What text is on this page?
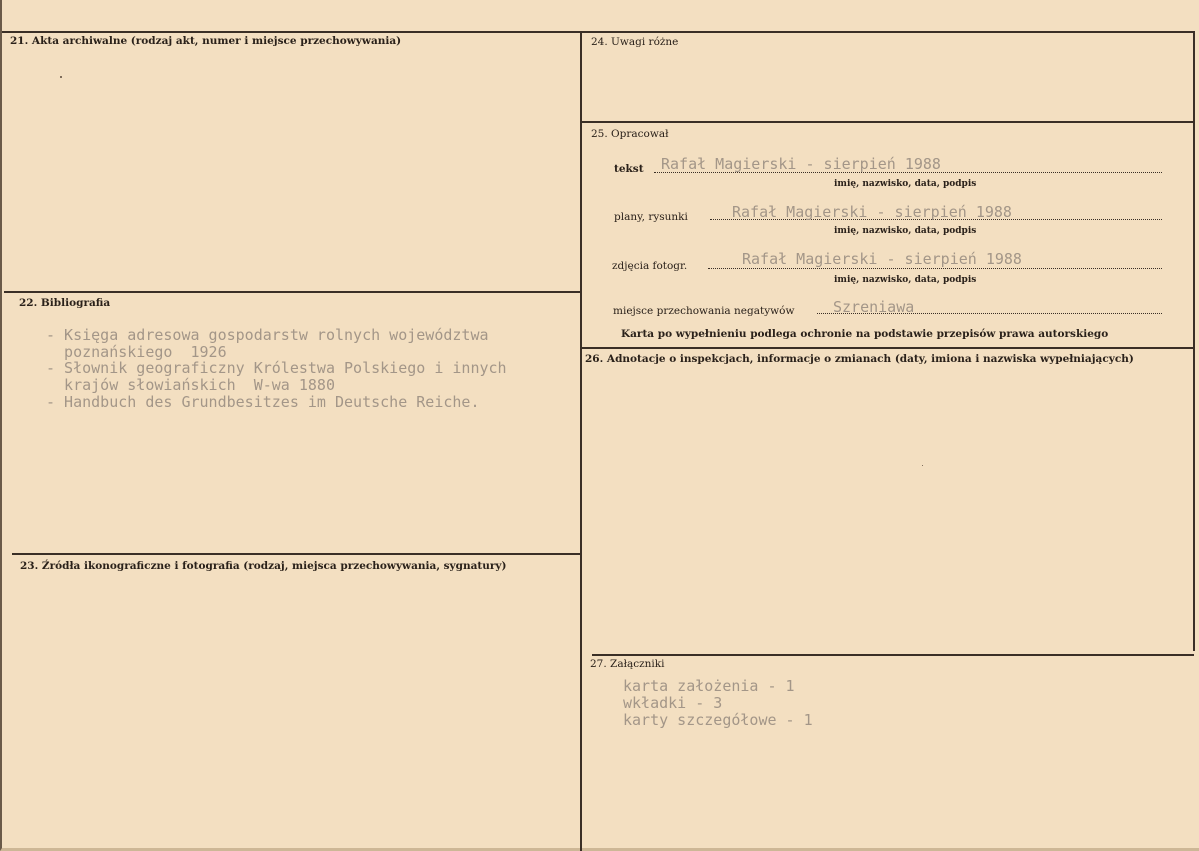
21. Akta archiwalne (rodzaj akt, numer i miejsce przechowywania)
22. Bibliografia
- Księga adresowa gospodarstw rolnych województwa
poznańskiego  1926
- Słownik geograficzny Królestwa Polskiego i innych
krajów słowiańskich  W-wa 1880
- Handbuch des Grundbesitzes im Deutsche Reiche.
23. Źródła ikonograficzne i fotografia (rodzaj, miejsca przechowywania, sygnatury)
24. Uwagi różne
25. Opracował
tekst Rafał Magierski - sierpień 1988
imię, nazwisko, data, podpis
plany, rysunki	Rafał Magierski - sierpień 1988
imię, nazwisko, data, podpis
zdjęcia fotogr.	Rafał Magierski - sierpień 1988
imię, nazwisko, data, podpis
miejsce przechowania negatywów	Szreniawa
Karta po wypełnieniu podlega ochronie na podstawie przepisów prawa autorskiego
26. Adnotacje o inspekcjach, informacje o zmianach (daty, imiona i nazwiska wypełniających)
27. Załączniki
karta założenia - 1
wkładki - 3
karty szczegółowe - 1
